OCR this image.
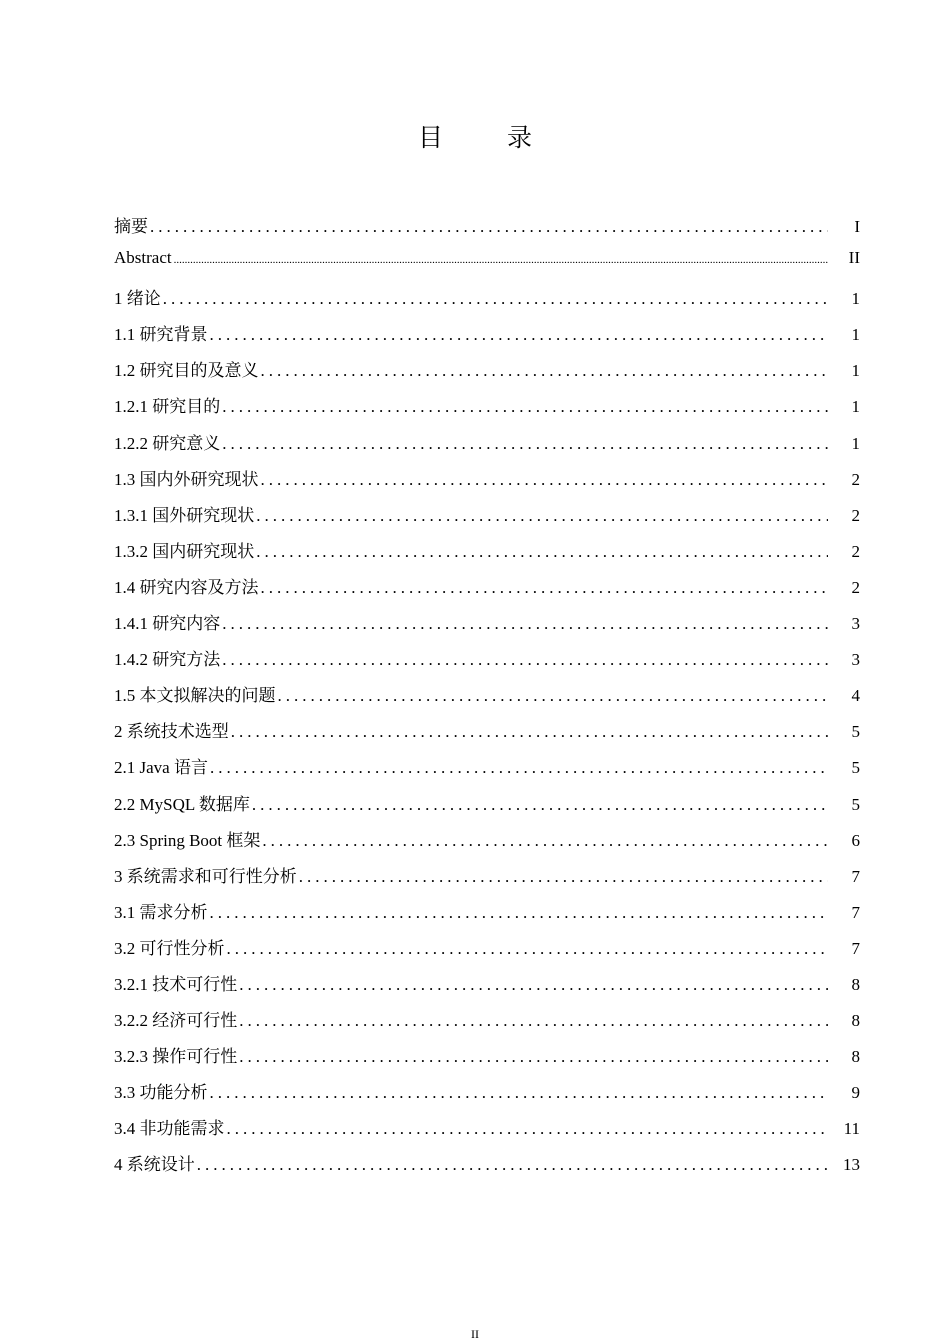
目 录
摘要 .....	I
Abstract .....	II
1 绪论 .....	1
1.1 研究背景 .....	1
1.2 研究目的及意义 .....	1
1.2.1 研究目的 .....	1
1.2.2 研究意义 .....	1
1.3 国内外研究现状 .....	2
1.3.1 国外研究现状 .....	2
1.3.2 国内研究现状 .....	2
1.4 研究内容及方法 .....	2
1.4.1 研究内容 .....	3
1.4.2 研究方法 .....	3
1.5 本文拟解决的问题 .....	4
2 系统技术选型 .....	5
2.1 Java 语言 .....	5
2.2 MySQL 数据库 .....	5
2.3 Spring Boot 框架 .....	6
3 系统需求和可行性分析 .....	7
3.1 需求分析 .....	7
3.2 可行性分析 .....	7
3.2.1 技术可行性 .....	8
3.2.2 经济可行性 .....	8
3.2.3 操作可行性 .....	8
3.3 功能分析 .....	9
3.4 非功能需求 .....	11
4 系统设计 .....	13
II
